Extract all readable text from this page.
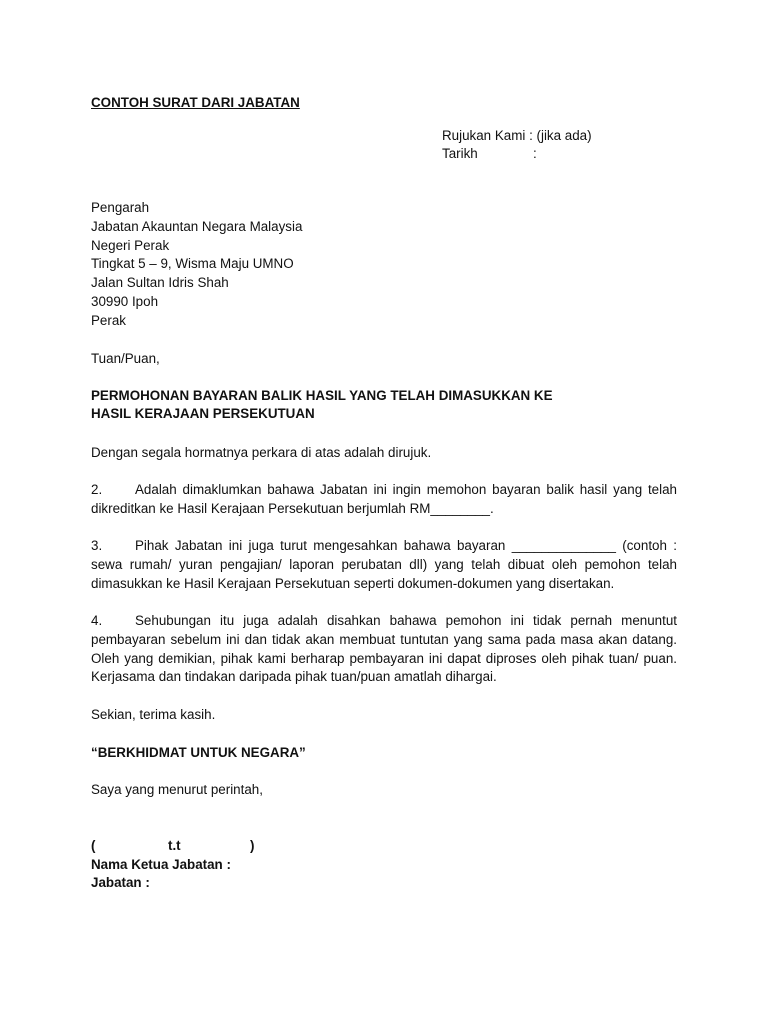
CONTOH SURAT DARI JABATAN
Rujukan Kami : (jika ada)
Tarikh	:
Pengarah
Jabatan Akauntan Negara Malaysia
Negeri Perak
Tingkat 5 – 9, Wisma Maju UMNO
Jalan Sultan Idris Shah
30990 Ipoh
Perak
Tuan/Puan,
PERMOHONAN BAYARAN BALIK HASIL YANG TELAH DIMASUKKAN KE
HASIL KERAJAAN PERSEKUTUAN
Dengan segala hormatnya perkara di atas adalah dirujuk.
2. Adalah dimaklumkan bahawa Jabatan ini ingin memohon bayaran balik hasil yang telah dikreditkan ke Hasil Kerajaan Persekutuan berjumlah RM________.
3. Pihak Jabatan ini juga turut mengesahkan bahawa bayaran ______________ (contoh : sewa rumah/ yuran pengajian/ laporan perubatan dll) yang telah dibuat oleh pemohon telah dimasukkan ke Hasil Kerajaan Persekutuan seperti dokumen-dokumen yang disertakan.
4. Sehubungan itu juga adalah disahkan bahawa pemohon ini tidak pernah menuntut pembayaran sebelum ini dan tidak akan membuat tuntutan yang sama pada masa akan datang. Oleh yang demikian, pihak kami berharap pembayaran ini dapat diproses oleh pihak tuan/ puan. Kerjasama dan tindakan daripada pihak tuan/puan amatlah dihargai.
Sekian, terima kasih.
“BERKHIDMAT UNTUK NEGARA”
Saya yang menurut perintah,
(	t.t	)
Nama Ketua Jabatan :
Jabatan :
